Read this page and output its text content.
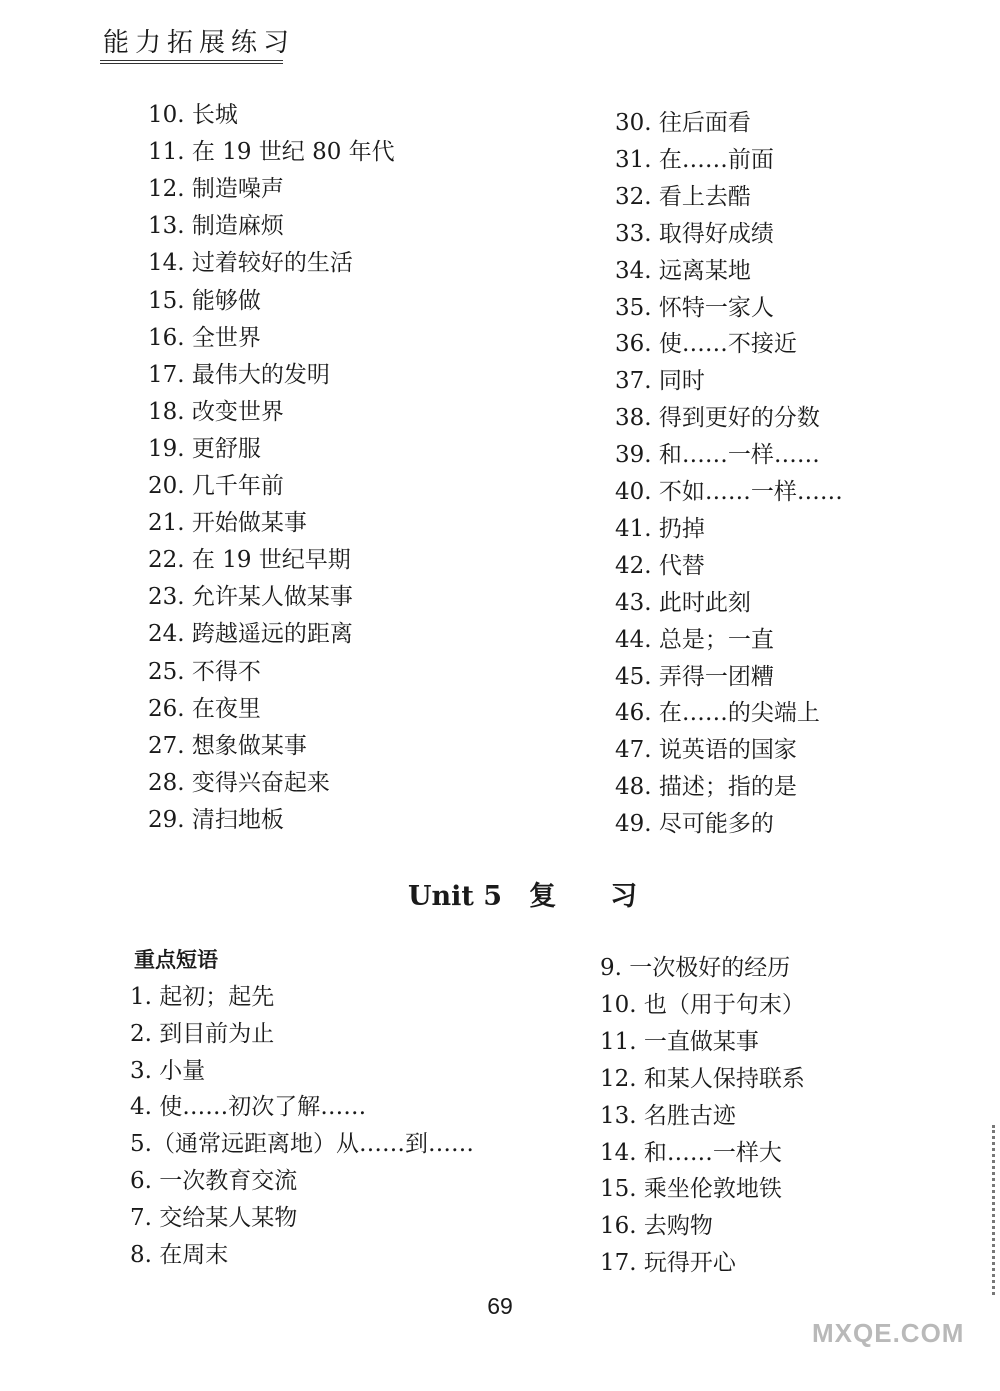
能力拓展练习
10. 长城
11. 在 19 世纪 80 年代
12. 制造噪声
13. 制造麻烦
14. 过着较好的生活
15. 能够做
16. 全世界
17. 最伟大的发明
18. 改变世界
19. 更舒服
20. 几千年前
21. 开始做某事
22. 在 19 世纪早期
23. 允许某人做某事
24. 跨越遥远的距离
25. 不得不
26. 在夜里
27. 想象做某事
28. 变得兴奋起来
29. 清扫地板
30. 往后面看
31. 在……前面
32. 看上去酷
33. 取得好成绩
34. 远离某地
35. 怀特一家人
36. 使……不接近
37. 同时
38. 得到更好的分数
39. 和……一样……
40. 不如……一样……
41. 扔掉
42. 代替
43. 此时此刻
44. 总是；一直
45. 弄得一团糟
46. 在……的尖端上
47. 说英语的国家
48. 描述；指的是
49. 尽可能多的
Unit 5　复　　习
重点短语
1. 起初；起先
2. 到目前为止
3. 小量
4. 使……初次了解……
5.（通常远距离地）从……到……
6. 一次教育交流
7. 交给某人某物
8. 在周末
9. 一次极好的经历
10. 也（用于句末）
11. 一直做某事
12. 和某人保持联系
13. 名胜古迹
14. 和……一样大
15. 乘坐伦敦地铁
16. 去购物
17. 玩得开心
69
MXQE.COM
